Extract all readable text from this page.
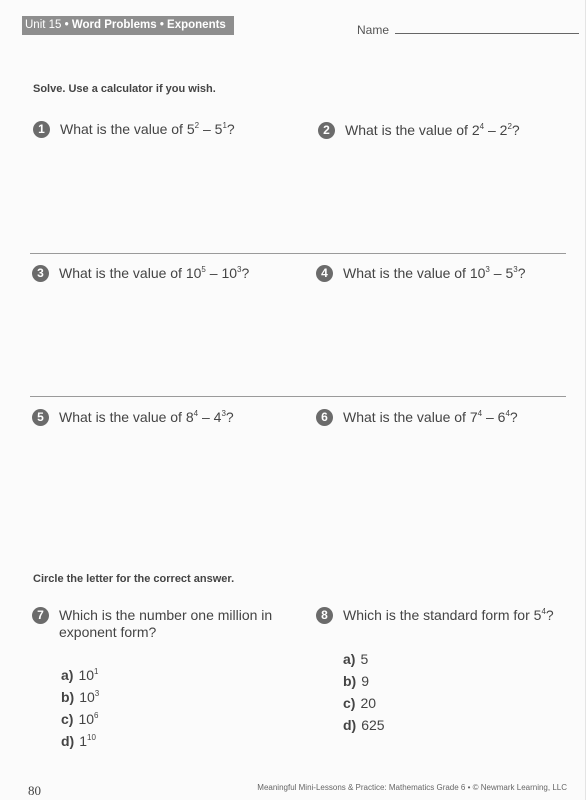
Unit 15 • Word Problems • Exponents	Name
Solve. Use a calculator if you wish.
1	What is the value of $5^2 - 5^1$?	2	What is the value of $2^4 - 2^2$?
3	What is the value of $10^5 - 10^3$?	4	What is the value of $10^3 - 5^3$?
5	What is the value of $8^4 - 4^3$?	6	What is the value of $7^4 - 6^4$?
Circle the letter for the correct answer.
7	Which is the number one million in exponent form?
a) $10^1$
b) $10^3$
c) $10^6$
d) $1^{10}$
8	Which is the standard form for $5^4$?
a) 5
b) 9
c) 20
d) 625
80	Meaningful Mini-Lessons & Practice: Mathematics Grade 6 • © Newmark Learning, LLC
